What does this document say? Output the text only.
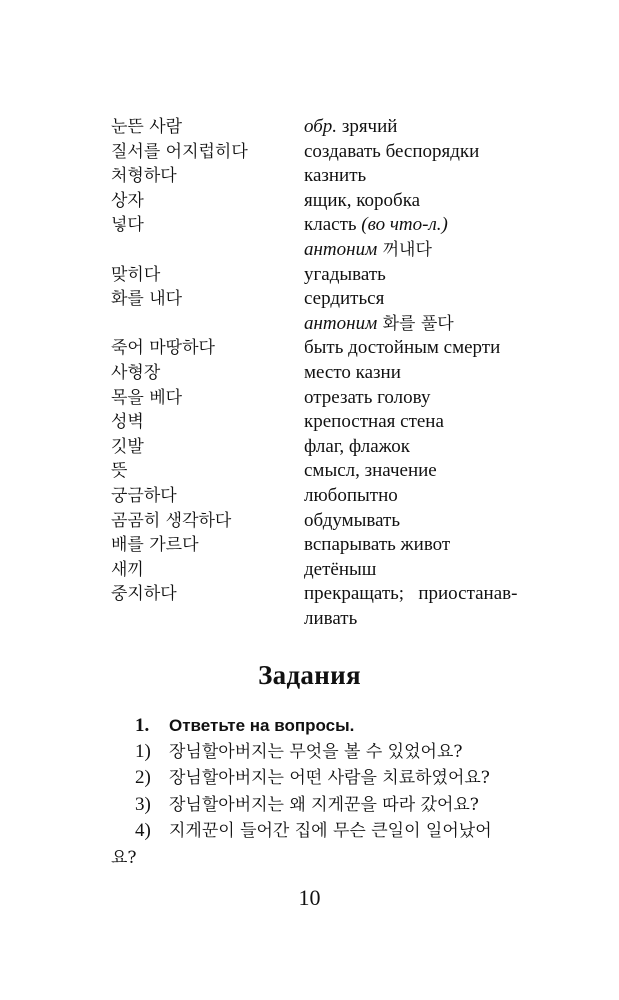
눈뜬 사람	обр. зрячий
질서를 어지럽히다	создавать беспорядки
처형하다	казнить
상자	ящик, коробка
넣다	класть (во что-л.)
антоним 꺼내다
맞히다	угадывать
화를 내다	сердиться
антоним 화를 풀다
죽어 마땅하다	быть достойным смерти
사형장	место казни
목을 베다	отрезать голову
성벽	крепостная стена
깃발	флаг, флажок
뜻	смысл, значение
궁금하다	любопытно
곰곰히 생각하다	обдумывать
배를 가르다	вспарывать живот
새끼	детёныш
중지하다	прекращать;   приостанав-
ливать
Задания
1. Ответьте на вопросы.
1) 장님할아버지는 무엇을 볼 수 있었어요?
2) 장님할아버지는 어떤 사람을 치료하였어요?
3) 장님할아버지는 왜 지게꾼을 따라 갔어요?
4) 지게꾼이 들어간 집에 무슨 큰일이 일어났어
요?
10
